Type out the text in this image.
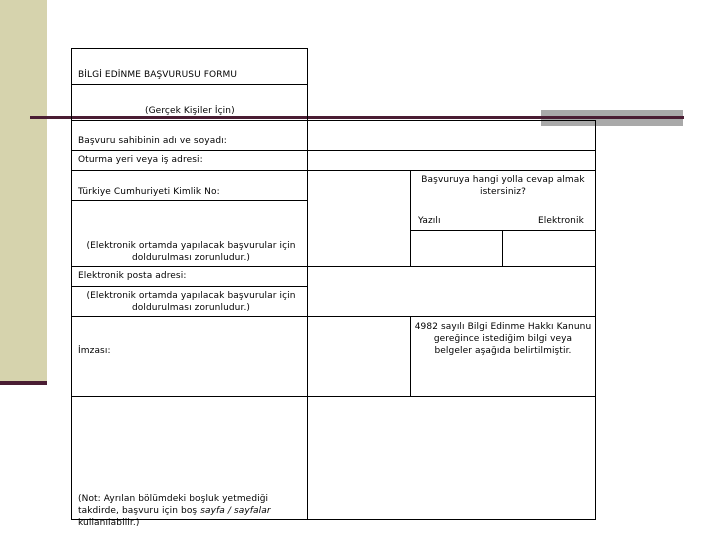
BİLGİ EDİNME BAŞVURUSU FORMU
(Gerçek Kişiler İçin)
Başvuru sahibinin adı ve soyadı:
Oturma yeri veya iş adresi:
Türkiye Cumhuriyeti Kimlik No:
Başvuruya hangi yolla cevap almak istersiniz?
Yazılı	Elektronik
(Elektronik ortamda yapılacak başvurular için doldurulması zorunludur.)
Elektronik posta adresi:
(Elektronik ortamda yapılacak başvurular için doldurulması zorunludur.)
İmzası:
4982 sayılı Bilgi Edinme Hakkı Kanunu gereğince istediğim bilgi veya belgeler aşağıda belirtilmiştir.
(Not: Ayrılan bölümdeki boşluk yetmediği takdirde, başvuru için boş sayfa / sayfalar kullanılabilir.)
